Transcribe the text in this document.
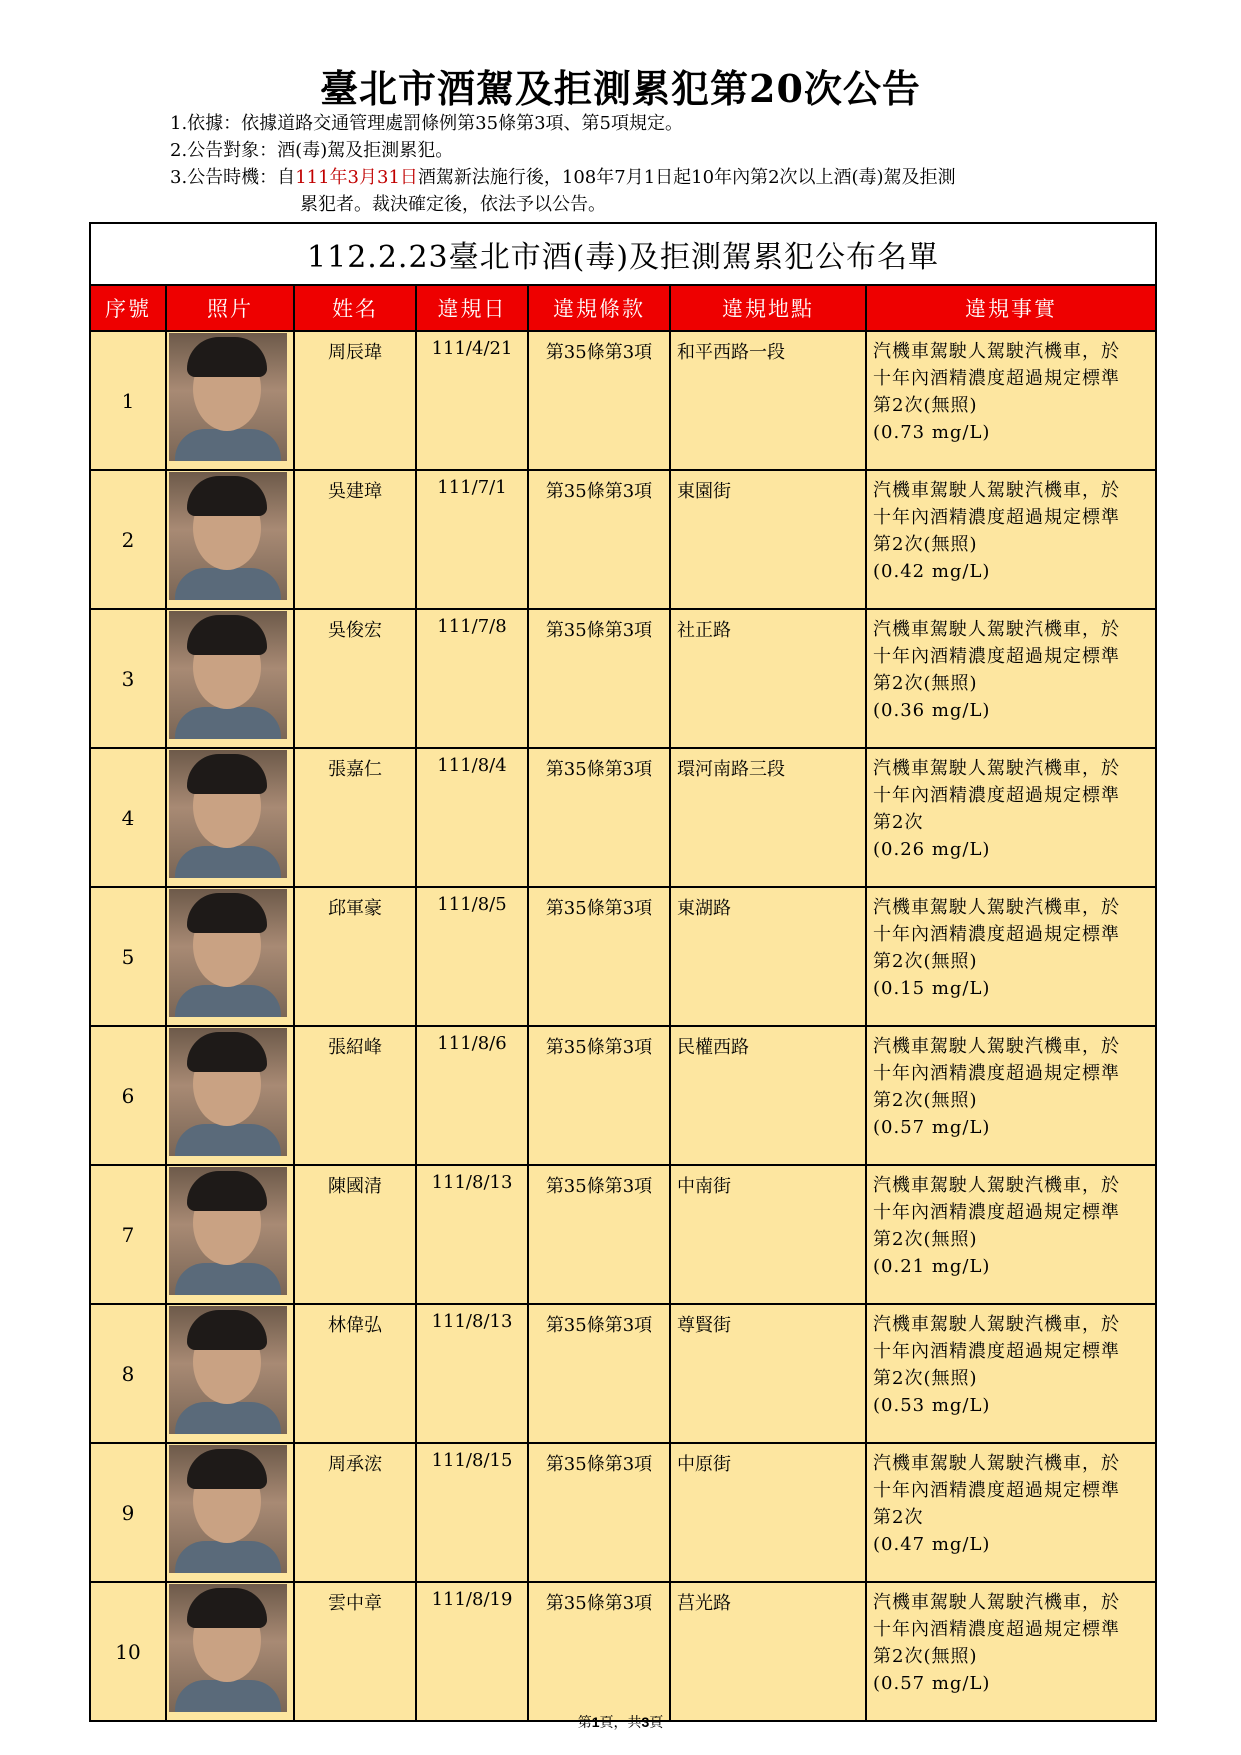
臺北市酒駕及拒測累犯第20次公告
1.依據：依據道路交通管理處罰條例第35條第3項、第5項規定。
2.公告對象：酒(毒)駕及拒測累犯。
3.公告時機：自111年3月31日酒駕新法施行後，108年7月1日起10年內第2次以上酒(毒)駕及拒測
累犯者。裁決確定後，依法予以公告。
112.2.23臺北市酒(毒)及拒測駕累犯公布名單						
序號	照片	姓名	違規日	違規條款	違規地點	違規事實
1		周辰瑋	111/4/21	第35條第3項	和平西路一段	汽機車駕駛人駕駛汽機車，於
十年內酒精濃度超過規定標準
第2次(無照)
(0.73 mg/L)

2		吳建璋	111/7/1	第35條第3項	東園街	汽機車駕駛人駕駛汽機車，於
十年內酒精濃度超過規定標準
第2次(無照)
(0.42 mg/L)

3		吳俊宏	111/7/8	第35條第3項	社正路	汽機車駕駛人駕駛汽機車，於
十年內酒精濃度超過規定標準
第2次(無照)
(0.36 mg/L)

4		張嘉仁	111/8/4	第35條第3項	環河南路三段	汽機車駕駛人駕駛汽機車，於
十年內酒精濃度超過規定標準
第2次
(0.26 mg/L)

5		邱軍豪	111/8/5	第35條第3項	東湖路	汽機車駕駛人駕駛汽機車，於
十年內酒精濃度超過規定標準
第2次(無照)
(0.15 mg/L)

6		張紹峰	111/8/6	第35條第3項	民權西路	汽機車駕駛人駕駛汽機車，於
十年內酒精濃度超過規定標準
第2次(無照)
(0.57 mg/L)

7		陳國清	111/8/13	第35條第3項	中南街	汽機車駕駛人駕駛汽機車，於
十年內酒精濃度超過規定標準
第2次(無照)
(0.21 mg/L)

8		林偉弘	111/8/13	第35條第3項	尊賢街	汽機車駕駛人駕駛汽機車，於
十年內酒精濃度超過規定標準
第2次(無照)
(0.53 mg/L)

9		周承浤	111/8/15	第35條第3項	中原街	汽機車駕駛人駕駛汽機車，於
十年內酒精濃度超過規定標準
第2次
(0.47 mg/L)

10		雲中章	111/8/19	第35條第3項	莒光路	汽機車駕駛人駕駛汽機車，於
十年內酒精濃度超過規定標準
第2次(無照)
(0.57 mg/L)
第1頁，共3頁
